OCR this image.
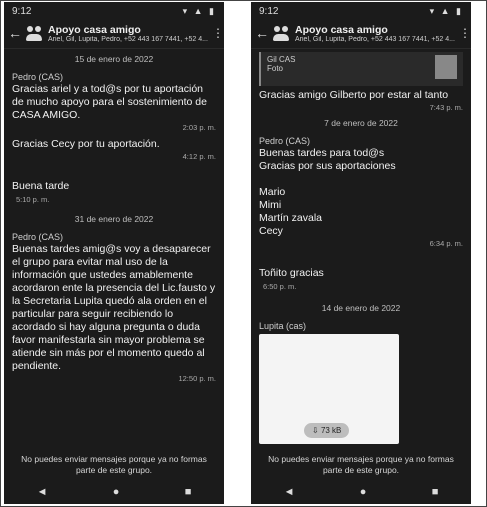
9:12	▾ ▲ ▮
← Apoyo casa amigo
Ariel, Gil, Lupita, Pedro, +52 443 167 7441, +52 4... ⋮
15 de enero de 2022
Pedro (CAS)
Gracias ariel y a tod@s por tu aportación de mucho apoyo para el sostenimiento de CASA AMIGO.
2:03 p. m.
Gracias Cecy por tu aportación.
4:12 p. m.

Buena tarde
5:10 p. m.

31 de enero de 2022
Pedro (CAS)
Buenas tardes amig@s voy a desaparecer el grupo para evitar mal uso de la información que ustedes amablemente acordaron ente la presencia del Lic.fausto y la Secretaria Lupita quedó ala orden en el particular para seguir recibiendo lo acordado si hay alguna pregunta o duda favor manifestarla sin mayor problema se atiende sin más por el momento quedo al pendiente.
12:50 p. m.
No puedes enviar mensajes porque ya no formas parte de este grupo.
◄	●	■
9:12	▾ ▲ ▮
← Apoyo casa amigo
Ariel, Gil, Lupita, Pedro, +52 443 167 7441, +52 4... ⋮
Gil CAS
Foto
Gracias amigo Gilberto por estar al tanto
7:43 p. m.
7 de enero de 2022
Pedro (CAS)
Buenas tardes para tod@s
Gracias por sus aportaciones

Mario
Mimi
Martín zavala
Cecy
6:34 p. m.

Toñito gracias
6:50 p. m.

14 de enero de 2022
Lupita (cas)
⇩ 73 kB
No puedes enviar mensajes porque ya no formas parte de este grupo.
◄	●	■
